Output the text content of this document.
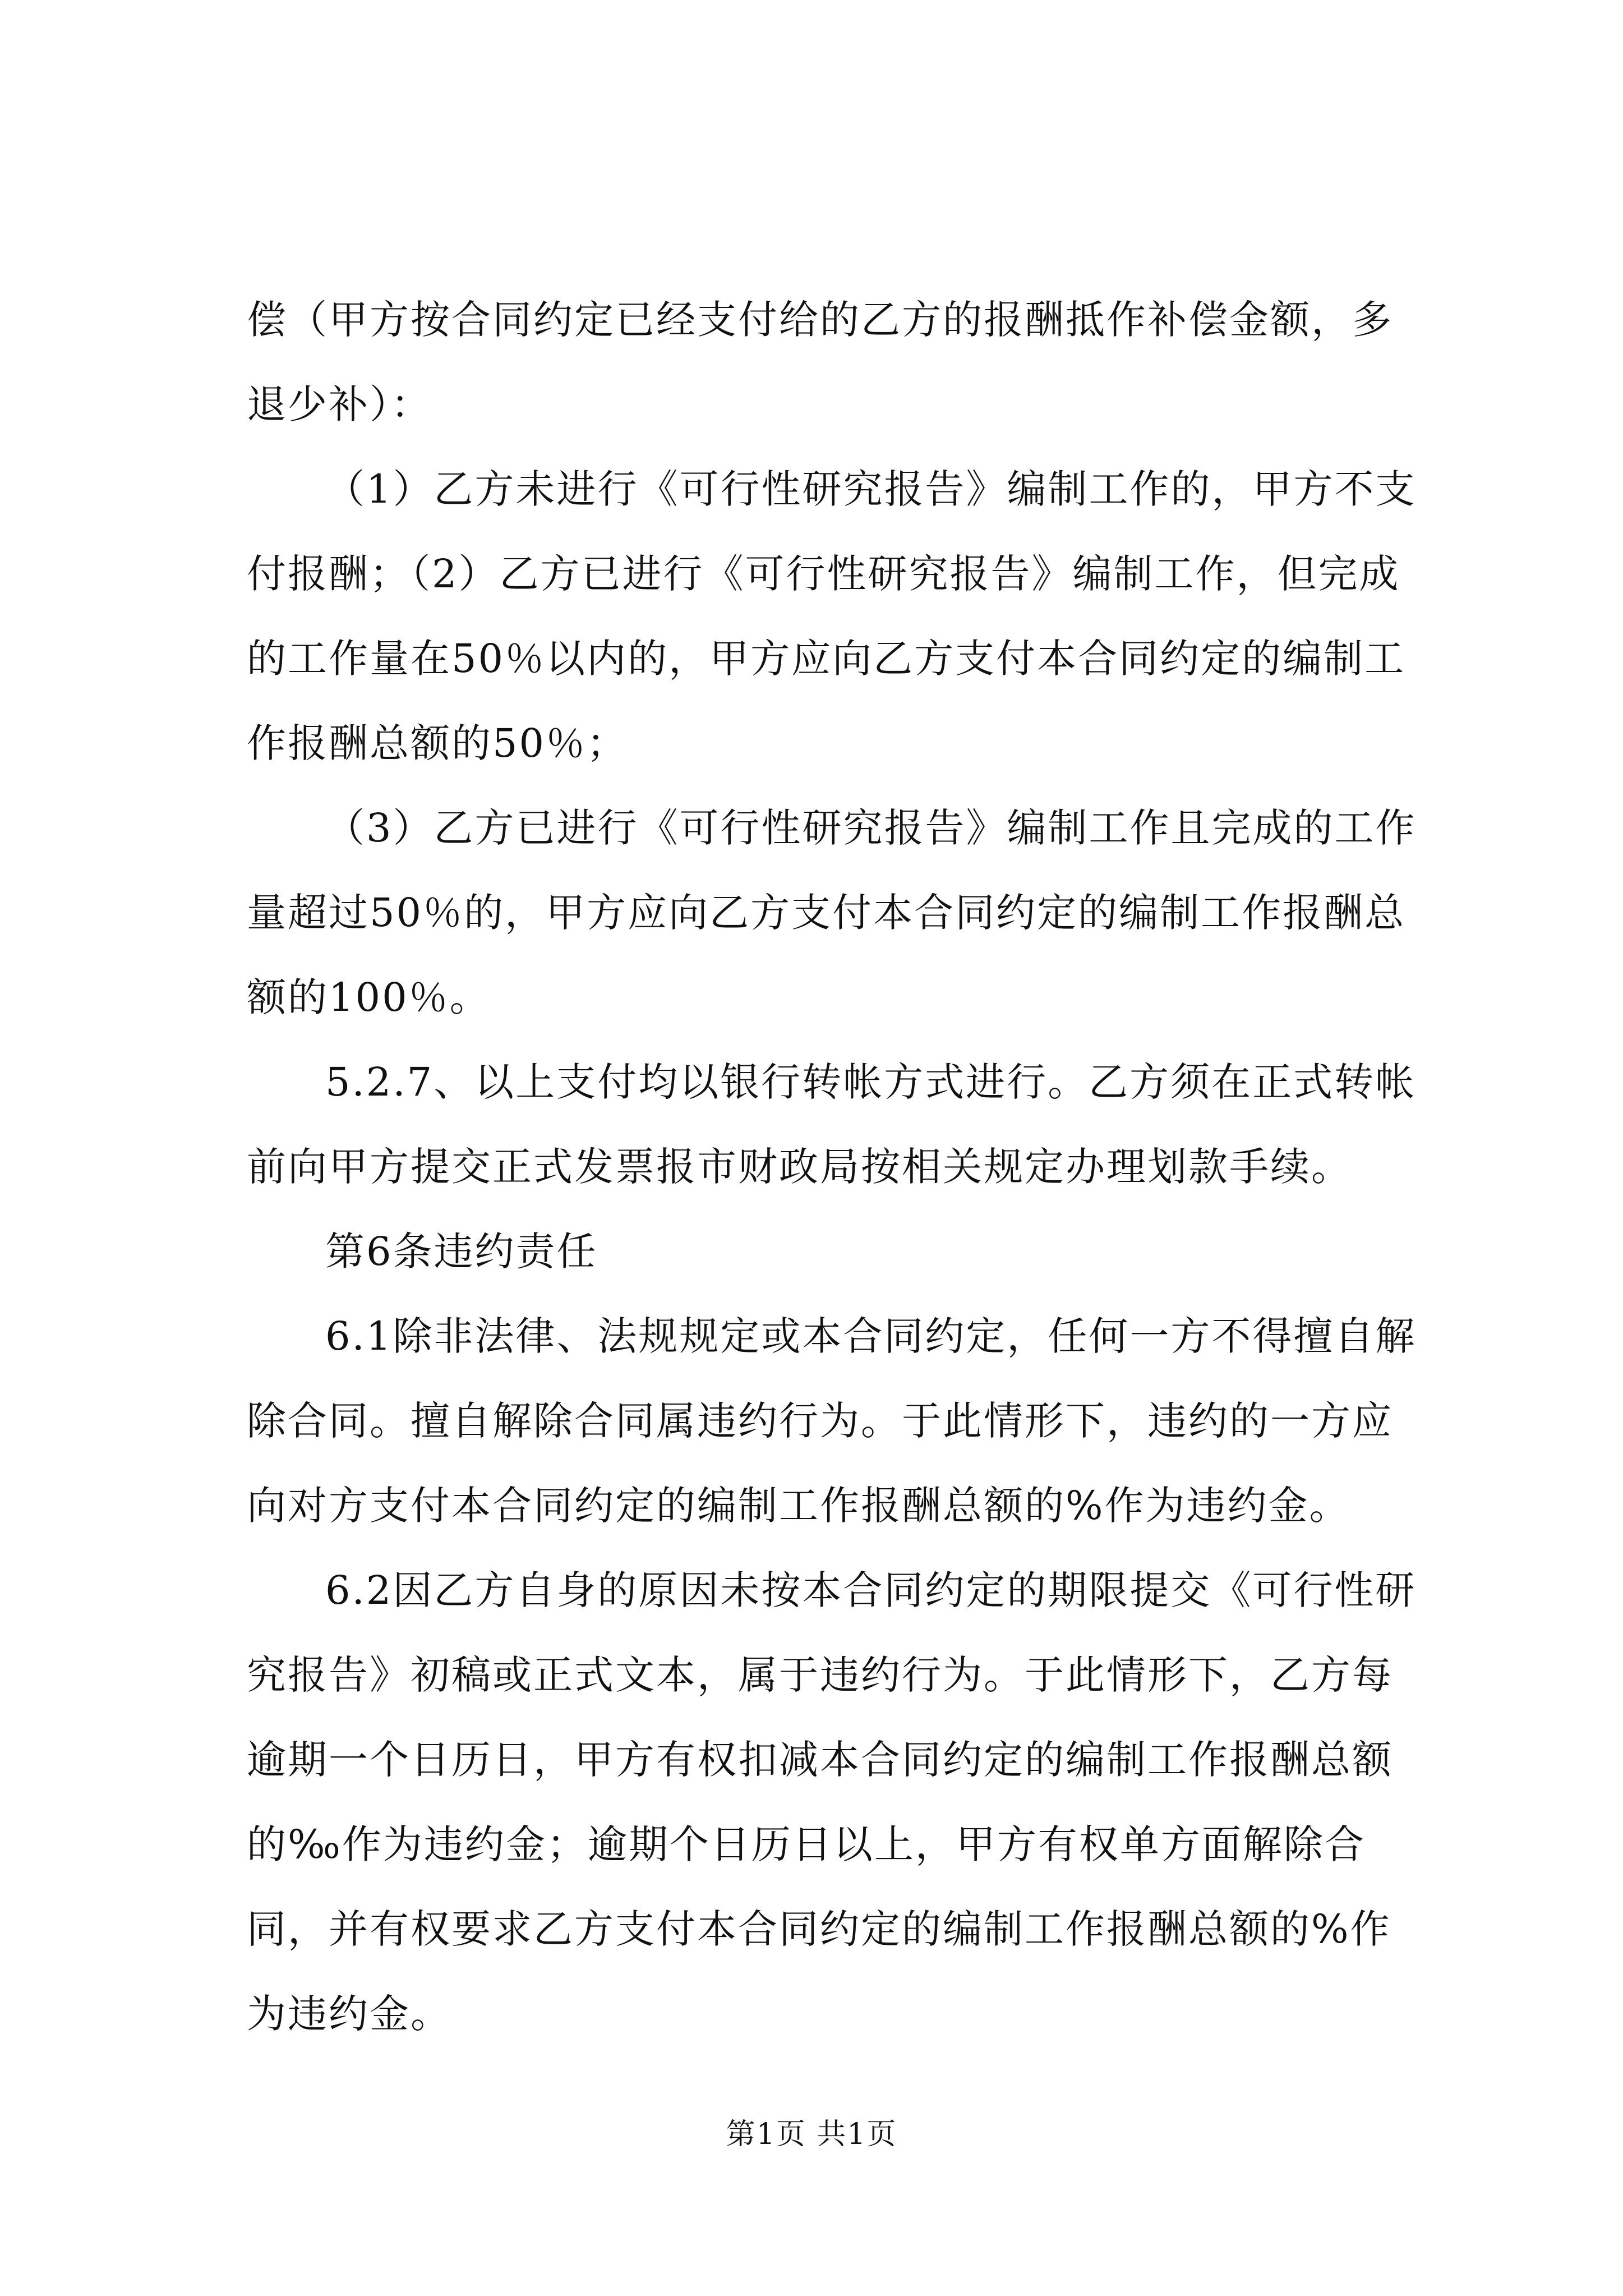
偿（甲方按合同约定已经支付给的乙方的报酬抵作补偿金额，多退少补）：

（1）乙方未进行《可行性研究报告》编制工作的，甲方不支付报酬；（2）乙方已进行《可行性研究报告》编制工作，但完成的工作量在50％以内的，甲方应向乙方支付本合同约定的编制工作报酬总额的50％；

（3）乙方已进行《可行性研究报告》编制工作且完成的工作量超过50％的，甲方应向乙方支付本合同约定的编制工作报酬总额的100％。

5.2.7、以上支付均以银行转帐方式进行。乙方须在正式转帐前向甲方提交正式发票报市财政局按相关规定办理划款手续。

第6条违约责任

6.1除非法律、法规规定或本合同约定，任何一方不得擅自解除合同。擅自解除合同属违约行为。于此情形下，违约的一方应向对方支付本合同约定的编制工作报酬总额的%作为违约金。

6.2因乙方自身的原因未按本合同约定的期限提交《可行性研究报告》初稿或正式文本，属于违约行为。于此情形下，乙方每逾期一个日历日，甲方有权扣减本合同约定的编制工作报酬总额的‰作为违约金；逾期个日历日以上，甲方有权单方面解除合同，并有权要求乙方支付本合同约定的编制工作报酬总额的%作为违约金。

第1页 共1页
